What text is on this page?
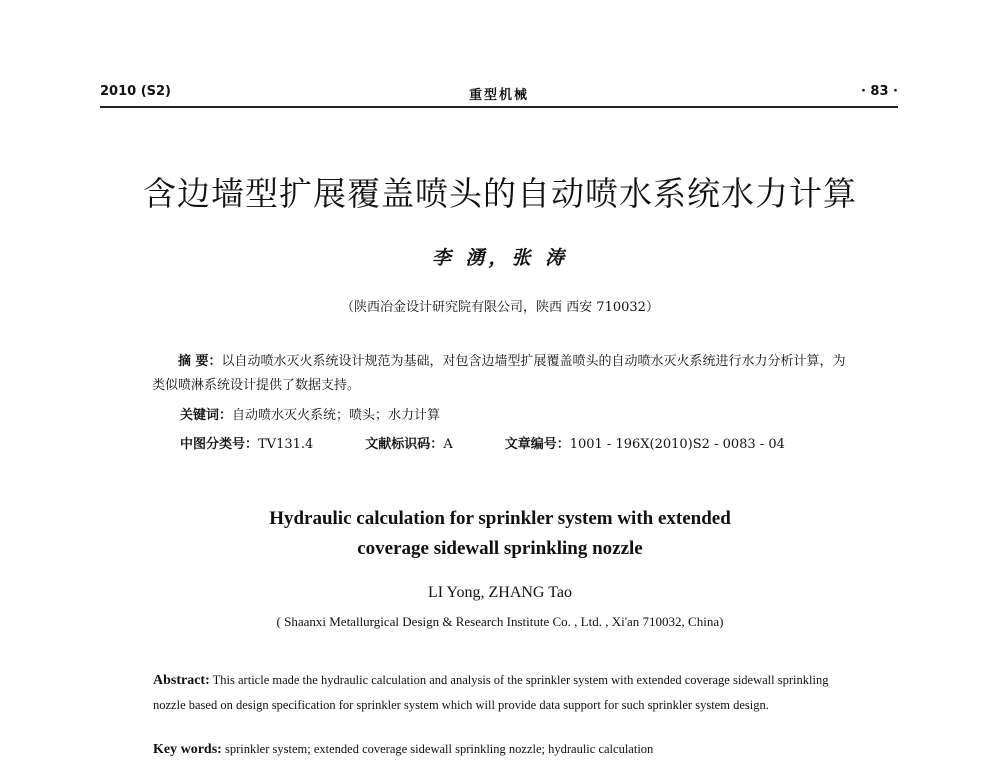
2010 (S2)	重型机械	· 83 ·
含边墙型扩展覆盖喷头的自动喷水系统水力计算
李 湧，张 涛
（陕西冶金设计研究院有限公司，陕西 西安 710032）
摘 要：以自动喷水灭火系统设计规范为基础，对包含边墙型扩展覆盖喷头的自动喷水灭火系统进行水力分析计算，为类似喷淋系统设计提供了数据支持。
关键词：自动喷水灭火系统；喷头；水力计算
中图分类号：TV131.4	文献标识码：A	文章编号：1001 - 196X(2010)S2 - 0083 - 04
Hydraulic calculation for sprinkler system with extended
coverage sidewall sprinkling nozzle
LI Yong, ZHANG Tao
( Shaanxi Metallurgical Design & Research Institute Co. , Ltd. , Xi'an 710032, China)
Abstract: This article made the hydraulic calculation and analysis of the sprinkler system with extended coverage sidewall sprinkling nozzle based on design specification for sprinkler system which will provide data support for such sprinkler system design.
Key words: sprinkler system; extended coverage sidewall sprinkling nozzle; hydraulic calculation
